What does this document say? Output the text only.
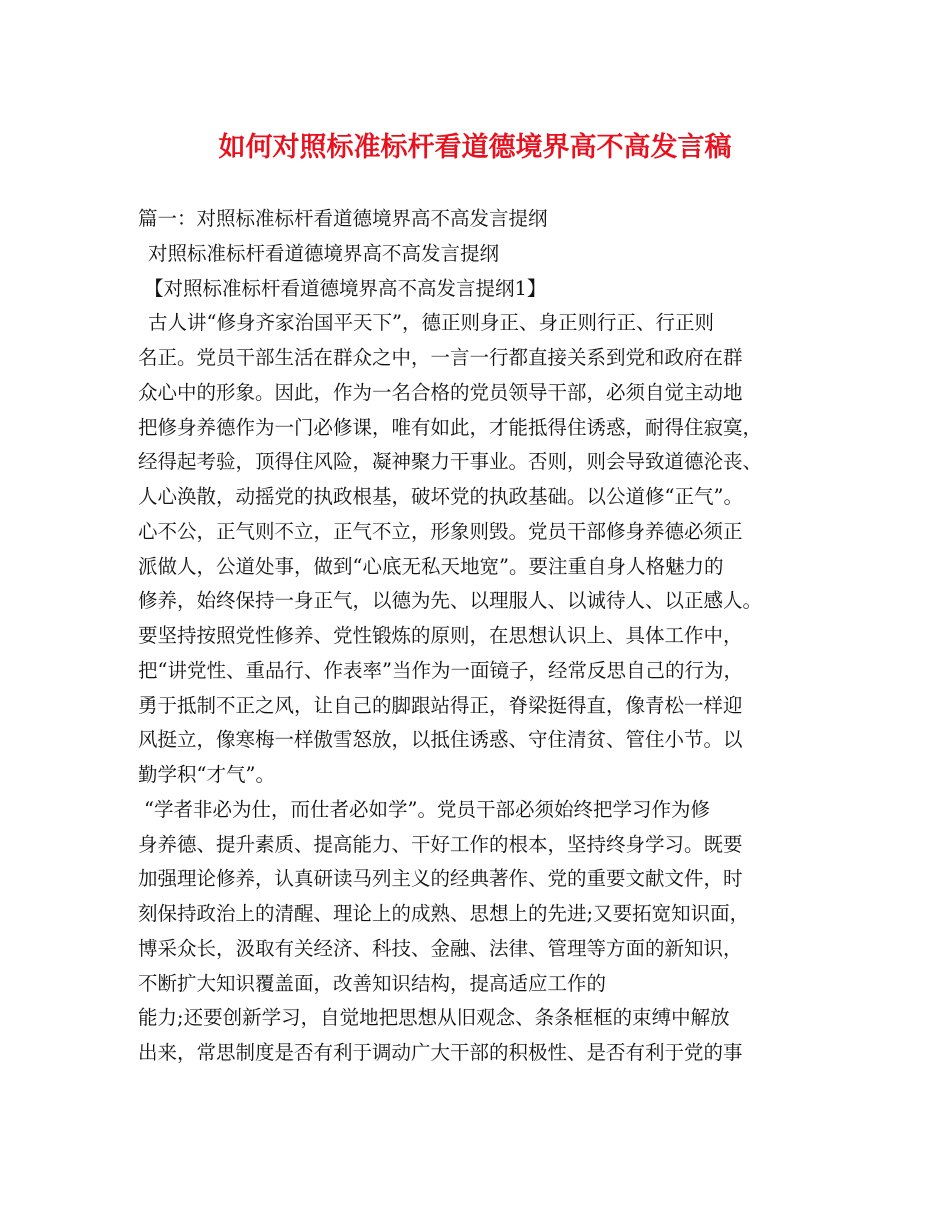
如何对照标准标杆看道德境界高不高发言稿
篇一：对照标准标杆看道德境界高不高发言提纲
对照标准标杆看道德境界高不高发言提纲
【对照标准标杆看道德境界高不高发言提纲1】
古人讲“修身齐家治国平天下”，德正则身正、身正则行正、行正则
名正。党员干部生活在群众之中，一言一行都直接关系到党和政府在群
众心中的形象。因此，作为一名合格的党员领导干部，必须自觉主动地
把修身养德作为一门必修课，唯有如此，才能抵得住诱惑，耐得住寂寞，
经得起考验，顶得住风险，凝神聚力干事业。否则，则会导致道德沦丧、
人心涣散，动摇党的执政根基，破坏党的执政基础。以公道修“正气”。
心不公，正气则不立，正气不立，形象则毁。党员干部修身养德必须正
派做人，公道处事，做到“心底无私天地宽”。要注重自身人格魅力的
修养，始终保持一身正气，以德为先、以理服人、以诚待人、以正感人。
要坚持按照党性修养、党性锻炼的原则，在思想认识上、具体工作中，
把“讲党性、重品行、作表率”当作为一面镜子，经常反思自己的行为，
勇于抵制不正之风，让自己的脚跟站得正，脊梁挺得直，像青松一样迎
风挺立，像寒梅一样傲雪怒放，以抵住诱惑、守住清贫、管住小节。以
勤学积“才气”。
“学者非必为仕，而仕者必如学”。党员干部必须始终把学习作为修
身养德、提升素质、提高能力、干好工作的根本，坚持终身学习。既要
加强理论修养，认真研读马列主义的经典著作、党的重要文献文件，时
刻保持政治上的清醒、理论上的成熟、思想上的先进;又要拓宽知识面，
博采众长，汲取有关经济、科技、金融、法律、管理等方面的新知识，
不断扩大知识覆盖面，改善知识结构，提高适应工作的
能力;还要创新学习，自觉地把思想从旧观念、条条框框的束缚中解放
出来，常思制度是否有利于调动广大干部的积极性、是否有利于党的事
